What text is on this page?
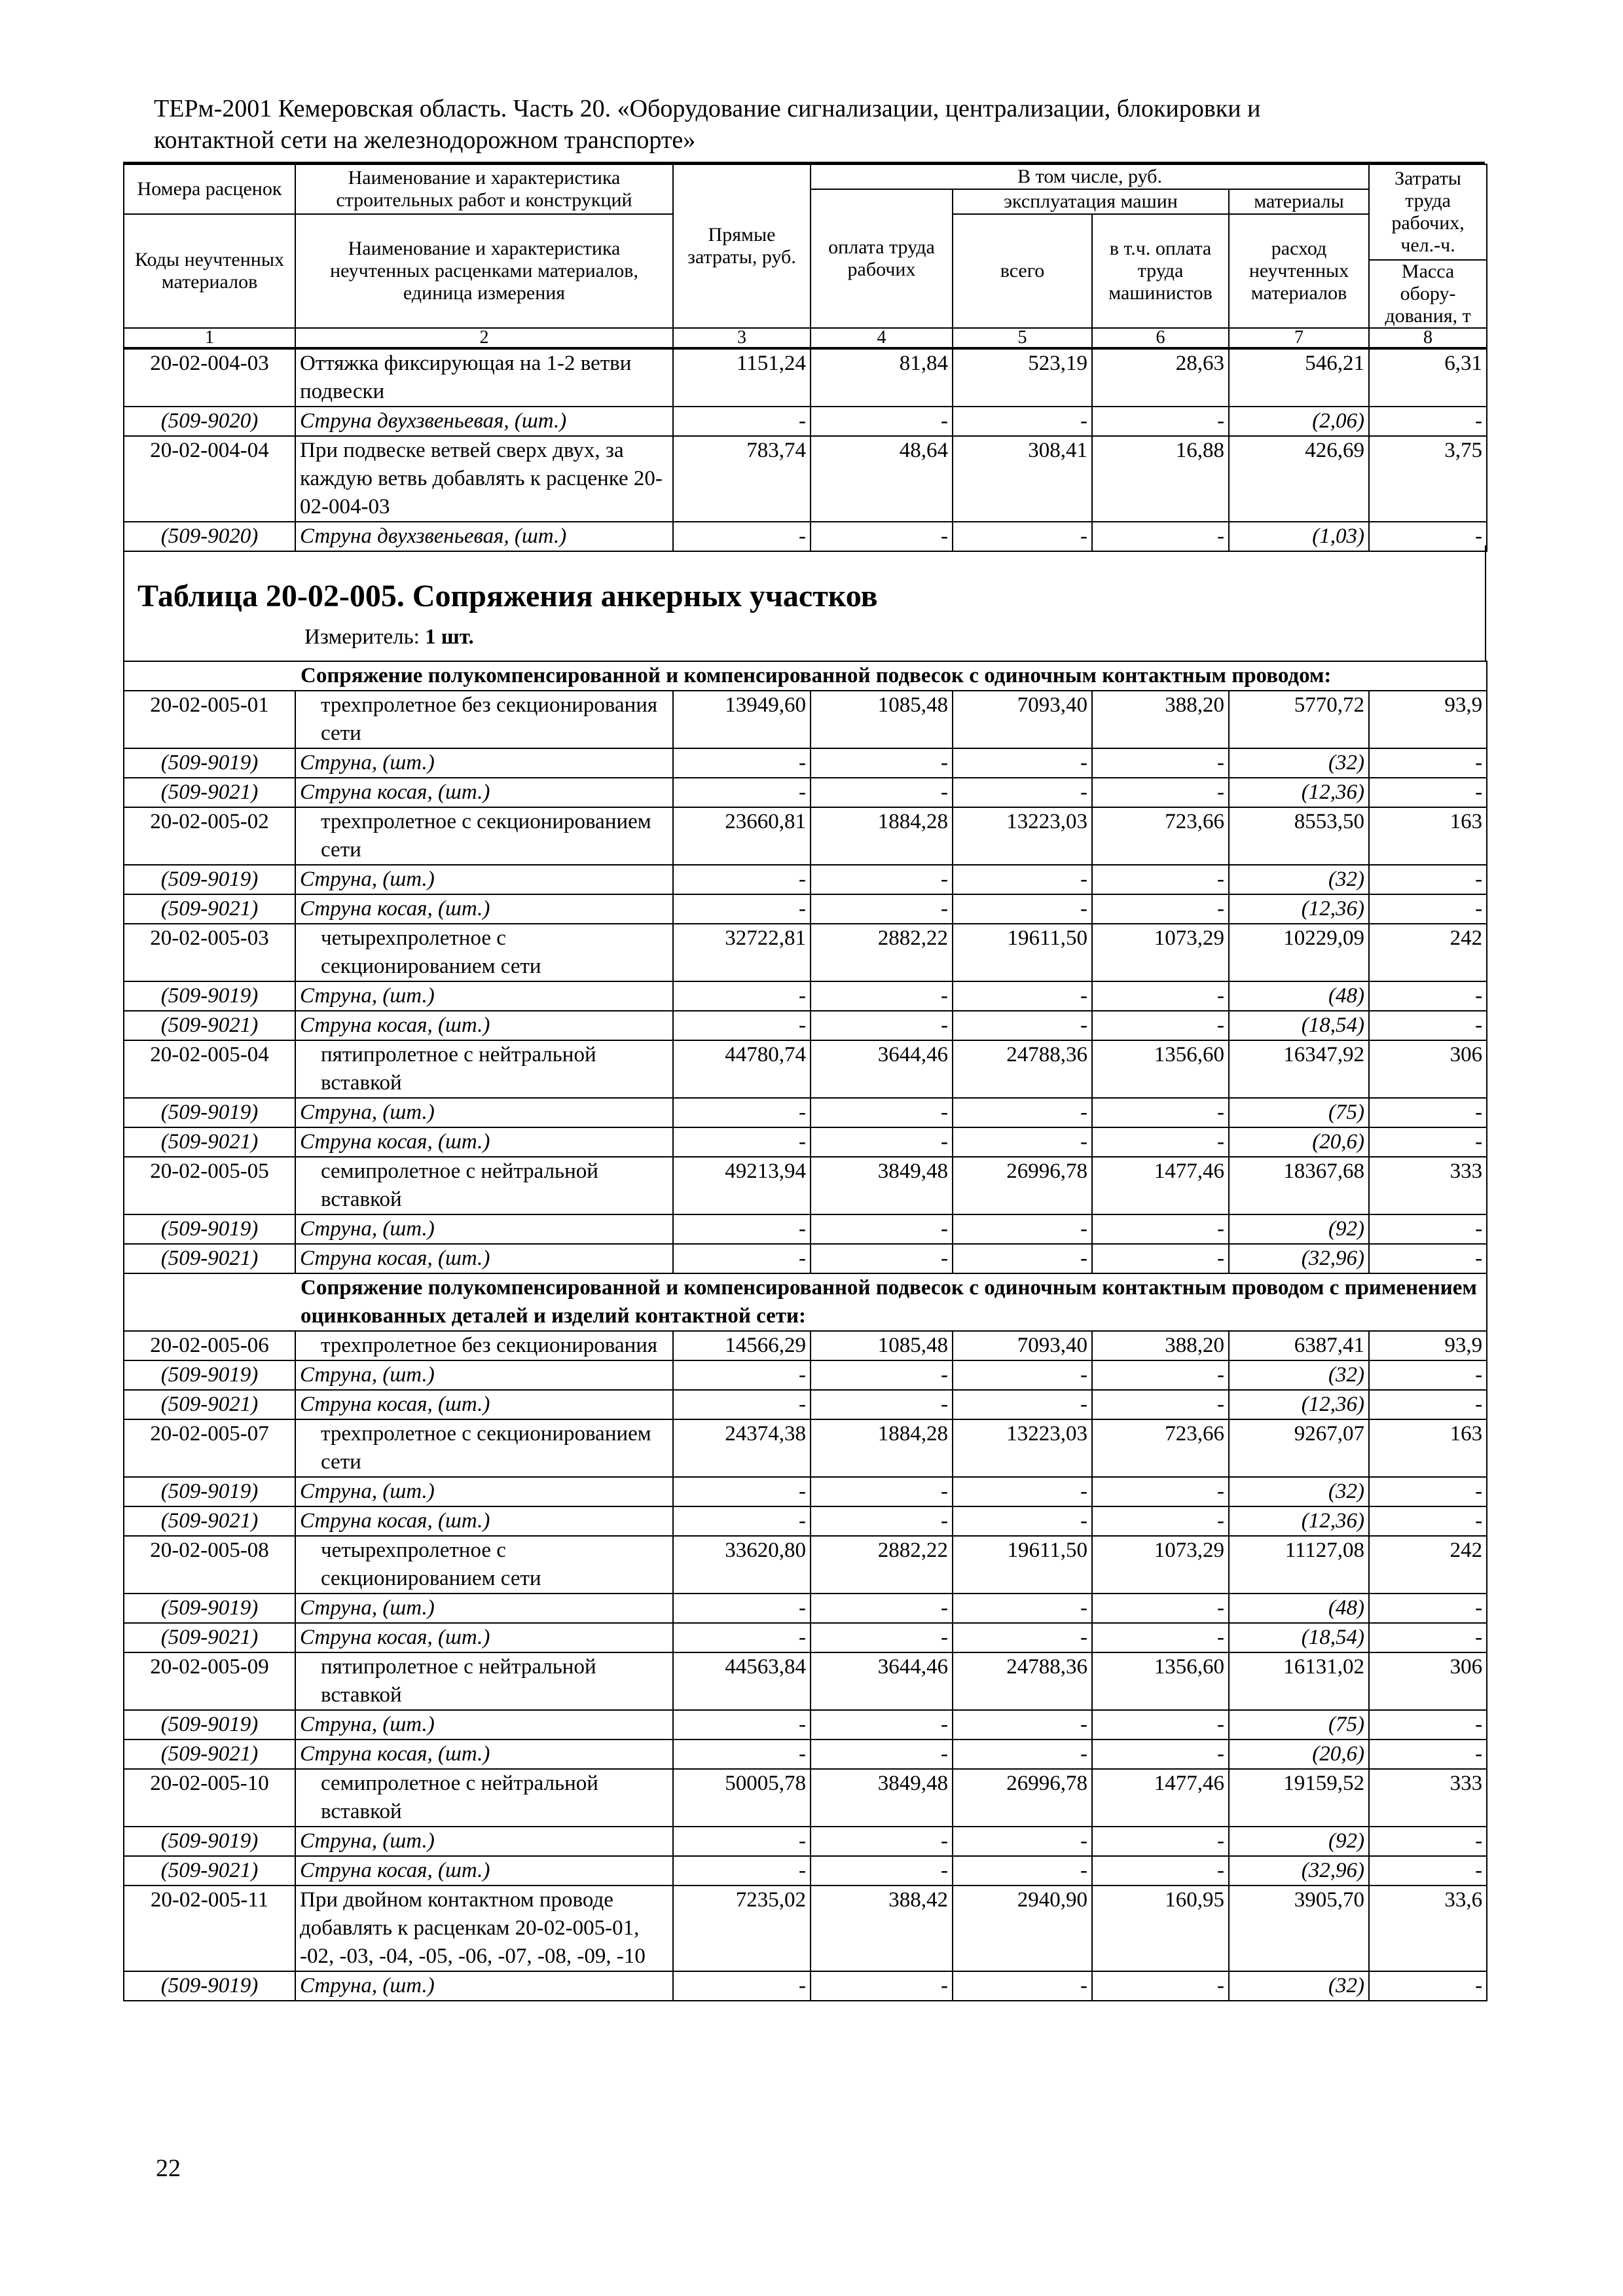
ТЕРм-2001 Кемеровская область. Часть 20. «Оборудование сигнализации, централизации, блокировки и
контактной сети на железнодорожном транспорте»
Номера расценок	Наименование и характеристика строительных работ и конструкций	Прямые затраты, руб.	В том числе, руб.				Затраты труда рабочих, чел.-ч.
			оплата труда рабочих	эксплуатация машин		материалы	
Коды неучтенных материалов	Наименование и характеристика неучтенных расценками материалов, единица измерения			всего	в т.ч. оплата труда машинистов	расход неучтенных материалов	
							Масса обору-дования, т
1	2	3	4	5	6	7	8
20-02-004-03	Оттяжка фиксирующая на 1-2 ветви подвески	1151,24	81,84	523,19	28,63	546,21	6,31
(509-9020)	Струна двухзвеньевая, (шт.)	-	-	-	-	(2,06)	-
20-02-004-04	При подвеске ветвей сверх двух, за каждую ветвь добавлять к расценке 20-02-004-03	783,74	48,64	308,41	16,88	426,69	3,75
(509-9020)	Струна двухзвеньевая, (шт.)	-	-	-	-	(1,03)	-
Таблица 20-02-005. Сопряжения анкерных участков
Измеритель: 1 шт.
	Сопряжение полукомпенсированной и компенсированной подвесок с одиночным контактным проводом:						
20-02-005-01	трехпролетное без секционирования сети	13949,60	1085,48	7093,40	388,20	5770,72	93,9
(509-9019)	Струна, (шт.)	-	-	-	-	(32)	-
(509-9021)	Струна косая, (шт.)	-	-	-	-	(12,36)	-
20-02-005-02	трехпролетное с секционированием сети	23660,81	1884,28	13223,03	723,66	8553,50	163
(509-9019)	Струна, (шт.)	-	-	-	-	(32)	-
(509-9021)	Струна косая, (шт.)	-	-	-	-	(12,36)	-
20-02-005-03	четырехпролетное с секционированием сети	32722,81	2882,22	19611,50	1073,29	10229,09	242
(509-9019)	Струна, (шт.)	-	-	-	-	(48)	-
(509-9021)	Струна косая, (шт.)	-	-	-	-	(18,54)	-
20-02-005-04	пятипролетное с нейтральной вставкой	44780,74	3644,46	24788,36	1356,60	16347,92	306
(509-9019)	Струна, (шт.)	-	-	-	-	(75)	-
(509-9021)	Струна косая, (шт.)	-	-	-	-	(20,6)	-
20-02-005-05	семипролетное с нейтральной вставкой	49213,94	3849,48	26996,78	1477,46	18367,68	333
(509-9019)	Струна, (шт.)	-	-	-	-	(92)	-
(509-9021)	Струна косая, (шт.)	-	-	-	-	(32,96)	-
	Сопряжение полукомпенсированной и компенсированной подвесок с одиночным контактным проводом с применением оцинкованных деталей и изделий контактной сети:						
20-02-005-06	трехпролетное без секционирования	14566,29	1085,48	7093,40	388,20	6387,41	93,9
(509-9019)	Струна, (шт.)	-	-	-	-	(32)	-
(509-9021)	Струна косая, (шт.)	-	-	-	-	(12,36)	-
20-02-005-07	трехпролетное с секционированием сети	24374,38	1884,28	13223,03	723,66	9267,07	163
(509-9019)	Струна, (шт.)	-	-	-	-	(32)	-
(509-9021)	Струна косая, (шт.)	-	-	-	-	(12,36)	-
20-02-005-08	четырехпролетное с секционированием сети	33620,80	2882,22	19611,50	1073,29	11127,08	242
(509-9019)	Струна, (шт.)	-	-	-	-	(48)	-
(509-9021)	Струна косая, (шт.)	-	-	-	-	(18,54)	-
20-02-005-09	пятипролетное с нейтральной вставкой	44563,84	3644,46	24788,36	1356,60	16131,02	306
(509-9019)	Струна, (шт.)	-	-	-	-	(75)	-
(509-9021)	Струна косая, (шт.)	-	-	-	-	(20,6)	-
20-02-005-10	семипролетное с нейтральной вставкой	50005,78	3849,48	26996,78	1477,46	19159,52	333
(509-9019)	Струна, (шт.)	-	-	-	-	(92)	-
(509-9021)	Струна косая, (шт.)	-	-	-	-	(32,96)	-
20-02-005-11	При двойном контактном проводе добавлять к расценкам 20-02-005-01, -02, -03, -04, -05, -06, -07, -08, -09, -10	7235,02	388,42	2940,90	160,95	3905,70	33,6
(509-9019)	Струна, (шт.)	-	-	-	-	(32)	-
22
